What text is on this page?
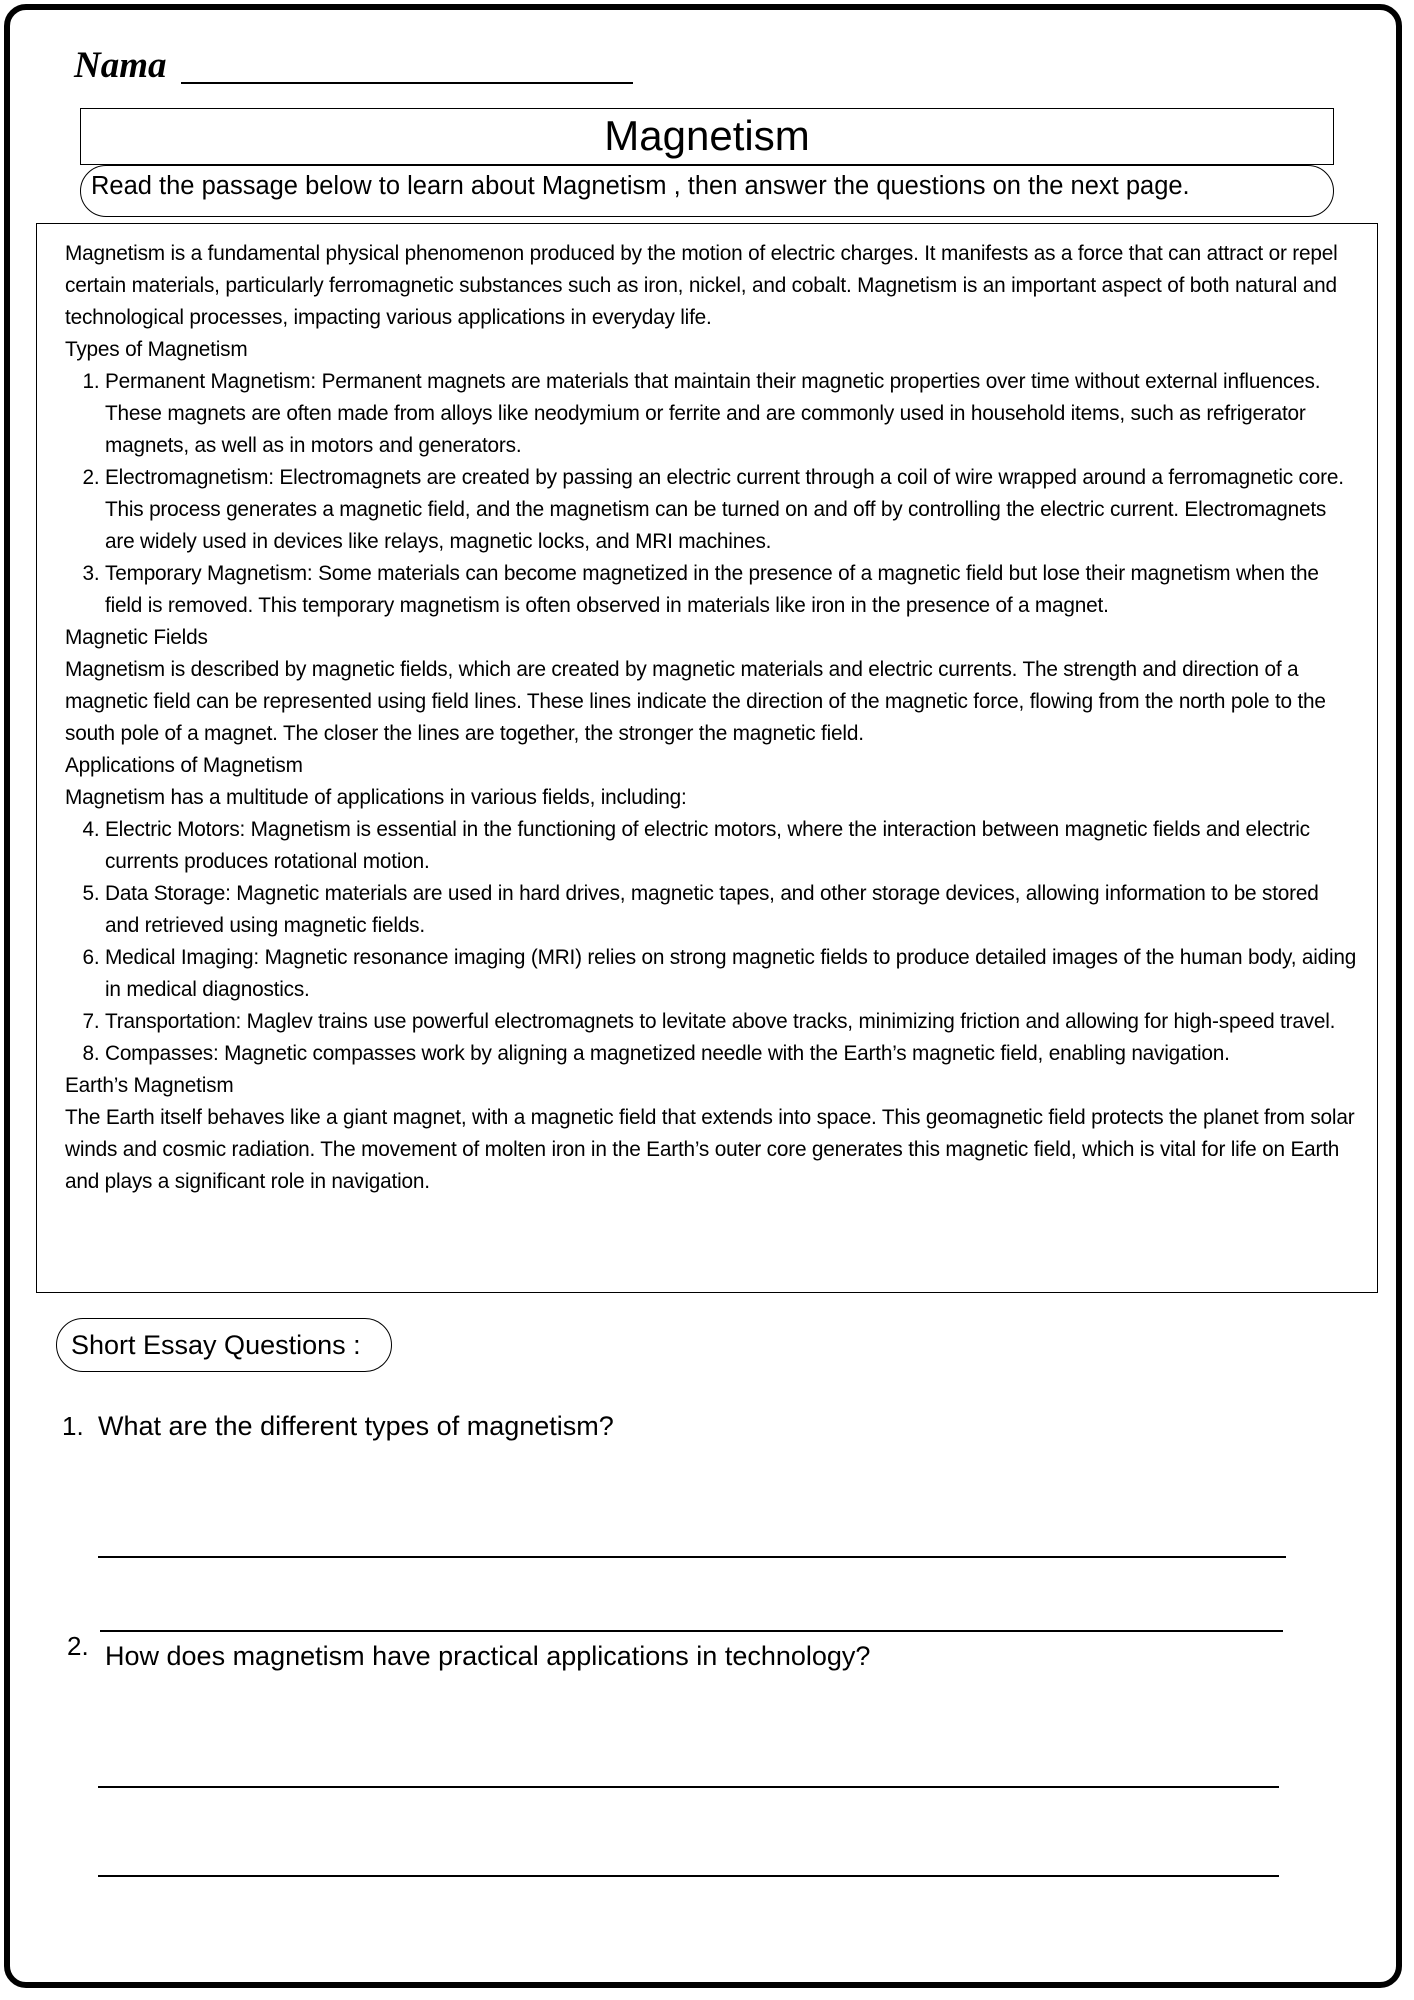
Nama
Magnetism
Read the passage below to learn about Magnetism , then answer the questions on the next page.

Magnetism is a fundamental physical phenomenon produced by the motion of electric charges. It manifests as a force that can attract or repel certain materials, particularly ferromagnetic substances such as iron, nickel, and cobalt. Magnetism is an important aspect of both natural and technological processes, impacting various applications in everyday life.

Types of Magnetism

1. Permanent Magnetism: Permanent magnets are materials that maintain their magnetic properties over time without external influences. These magnets are often made from alloys like neodymium or ferrite and are commonly used in household items, such as refrigerator magnets, as well as in motors and generators.
2. Electromagnetism: Electromagnets are created by passing an electric current through a coil of wire wrapped around a ferromagnetic core. This process generates a magnetic field, and the magnetism can be turned on and off by controlling the electric current. Electromagnets are widely used in devices like relays, magnetic locks, and MRI machines.
3. Temporary Magnetism: Some materials can become magnetized in the presence of a magnetic field but lose their magnetism when the field is removed. This temporary magnetism is often observed in materials like iron in the presence of a magnet.

Magnetic Fields

Magnetism is described by magnetic fields, which are created by magnetic materials and electric currents. The strength and direction of a magnetic field can be represented using field lines. These lines indicate the direction of the magnetic force, flowing from the north pole to the south pole of a magnet. The closer the lines are together, the stronger the magnetic field.

Applications of Magnetism

Magnetism has a multitude of applications in various fields, including:

4. Electric Motors: Magnetism is essential in the functioning of electric motors, where the interaction between magnetic fields and electric currents produces rotational motion.
5. Data Storage: Magnetic materials are used in hard drives, magnetic tapes, and other storage devices, allowing information to be stored and retrieved using magnetic fields.
6. Medical Imaging: Magnetic resonance imaging (MRI) relies on strong magnetic fields to produce detailed images of the human body, aiding in medical diagnostics.
7. Transportation: Maglev trains use powerful electromagnets to levitate above tracks, minimizing friction and allowing for high-speed travel.
8. Compasses: Magnetic compasses work by aligning a magnetized needle with the Earth’s magnetic field, enabling navigation.

Earth’s Magnetism

The Earth itself behaves like a giant magnet, with a magnetic field that extends into space. This geomagnetic field protects the planet from solar winds and cosmic radiation. The movement of molten iron in the Earth’s outer core generates this magnetic field, which is vital for life on Earth and plays a significant role in navigation.

Short Essay Questions :
1. What are the different types of magnetism?
2. How does magnetism have practical applications in technology?
